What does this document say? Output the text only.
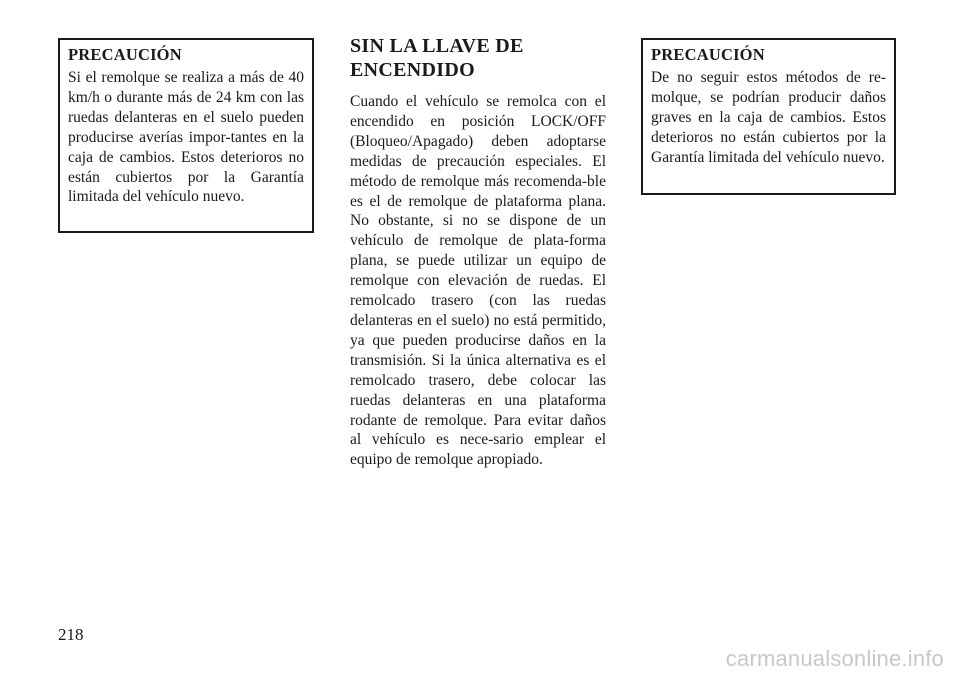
PRECAUCIÓN

Si el remolque se realiza a más de 40 km/h o durante más de 24 km con las ruedas delanteras en el suelo pueden producirse averías impor-tantes en la caja de cambios. Estos deterioros no están cubiertos por la Garantía limitada del vehículo nuevo.

SIN LA LLAVE DE ENCENDIDO

Cuando el vehículo se remolca con el encendido en posición LOCK/OFF (Bloqueo/Apagado) deben adoptarse medidas de precaución especiales. El método de remolque más recomenda-ble es el de remolque de plataforma plana. No obstante, si no se dispone de un vehículo de remolque de plata-forma plana, se puede utilizar un equipo de remolque con elevación de ruedas. El remolcado trasero (con las ruedas delanteras en el suelo) no está permitido, ya que pueden producirse daños en la transmisión. Si la única alternativa es el remolcado trasero, debe colocar las ruedas delanteras en una plataforma rodante de remolque. Para evitar daños al vehículo es nece-sario emplear el equipo de remolque apropiado.

PRECAUCIÓN

De no seguir estos métodos de re-molque, se podrían producir daños graves en la caja de cambios. Estos deterioros no están cubiertos por la Garantía limitada del vehículo nuevo.

218
carmanualsonline.info
